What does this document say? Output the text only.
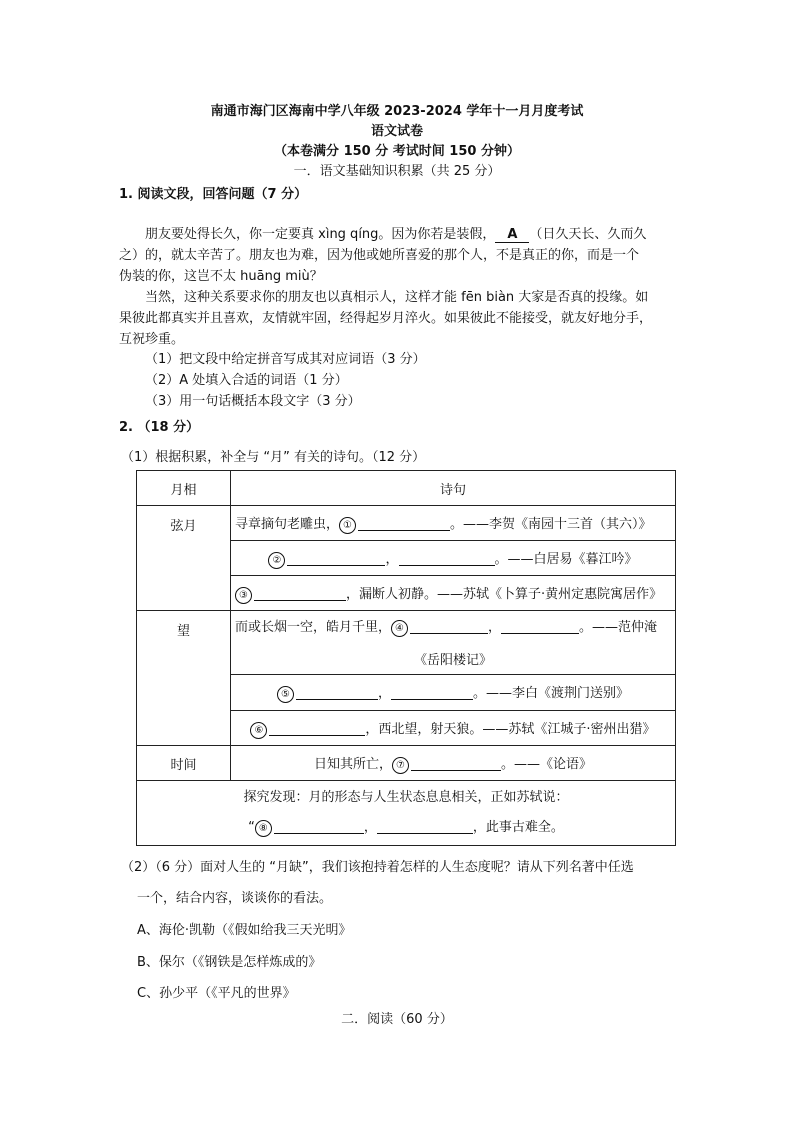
南通市海门区海南中学八年级 2023-2024 学年十一月月度考试
语文试卷
（本卷满分 150 分 考试时间 150 分钟）
一．语文基础知识积累（共 25 分）
1. 阅读文段，回答问题（7 分）
朋友要处得长久，你一定要真 xìng qíng。因为你若是装假， A （日久天长、久而久
之）的，就太辛苦了。朋友也为难，因为他或她所喜爱的那个人，不是真正的你，而是一个
伪装的你，这岂不太 huāng miù？
当然，这种关系要求你的朋友也以真相示人，这样才能 fēn biàn 大家是否真的投缘。如
果彼此都真实并且喜欢，友情就牢固，经得起岁月淬火。如果彼此不能接受，就友好地分手，
互祝珍重。
（1）把文段中给定拼音写成其对应词语（3 分）
（2）A 处填入合适的词语（1 分）
（3）用一句话概括本段文字（3 分）
2. （18 分）
（1）根据积累，补全与 “月” 有关的诗句。（12 分）
月相	诗句
弦月	寻章摘句老雕虫， ① 。——李贺《南园十三首（其六）》
	② ， 。——白居易《暮江吟》
	③ ，漏断人初静。——苏轼《卜算子·黄州定惠院寓居作》
望	而或长烟一空，皓月千里， ④ ， 。——范仲淹
	《岳阳楼记》
	⑤ ， 。——李白《渡荆门送别》
	⑥ ，西北望，射天狼。——苏轼《江城子·密州出猎》
时间	日知其所亡， ⑦ 。——《论语》

探究发现：月的形态与人生状态息息相关，正如苏轼说：
“ ⑧ ， ，此事古难全。	
（2）（6 分）面对人生的 “月缺”，我们该抱持着怎样的人生态度呢？请从下列名著中任选
一个，结合内容，谈谈你的看法。
A、海伦·凯勒（《假如给我三天光明》
B、保尔（《钢铁是怎样炼成的》
C、孙少平（《平凡的世界》
二．阅读（60 分）
